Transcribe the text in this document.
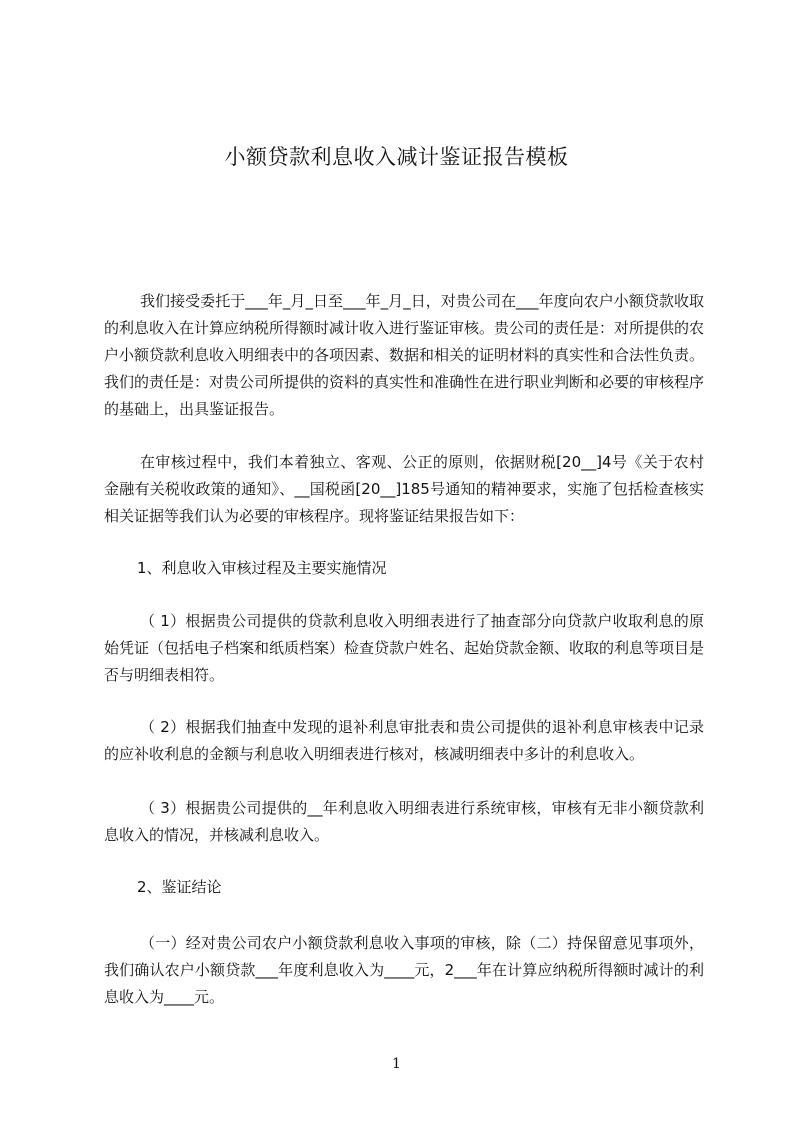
小额贷款利息收入减计鉴证报告模板

我们接受委托于___年_月_日至___年_月_日，对贵公司在___年度向农户小额贷款收取的利息收入在计算应纳税所得额时减计收入进行鉴证审核。贵公司的责任是：对所提供的农户小额贷款利息收入明细表中的各项因素、数据和相关的证明材料的真实性和合法性负责。我们的责任是：对贵公司所提供的资料的真实性和准确性在进行职业判断和必要的审核程序的基础上，出具鉴证报告。

在审核过程中，我们本着独立、客观、公正的原则，依据财税[20__]4号《关于农村金融有关税收政策的通知》、__国税函[20__]185号通知的精神要求，实施了包括检查核实相关证据等我们认为必要的审核程序。现将鉴证结果报告如下：

1、利息收入审核过程及主要实施情况

（ 1）根据贵公司提供的贷款利息收入明细表进行了抽查部分向贷款户收取利息的原始凭证（包括电子档案和纸质档案）检查贷款户姓名、起始贷款金额、收取的利息等项目是否与明细表相符。

（ 2）根据我们抽查中发现的退补利息审批表和贵公司提供的退补利息审核表中记录的应补收利息的金额与利息收入明细表进行核对，核减明细表中多计的利息收入。

（ 3）根据贵公司提供的__年利息收入明细表进行系统审核，审核有无非小额贷款利息收入的情况，并核减利息收入。

2、鉴证结论

（一）经对贵公司农户小额贷款利息收入事项的审核，除（二）持保留意见事项外，我们确认农户小额贷款___年度利息收入为____元，2___年在计算应纳税所得额时减计的利息收入为____元。

1
